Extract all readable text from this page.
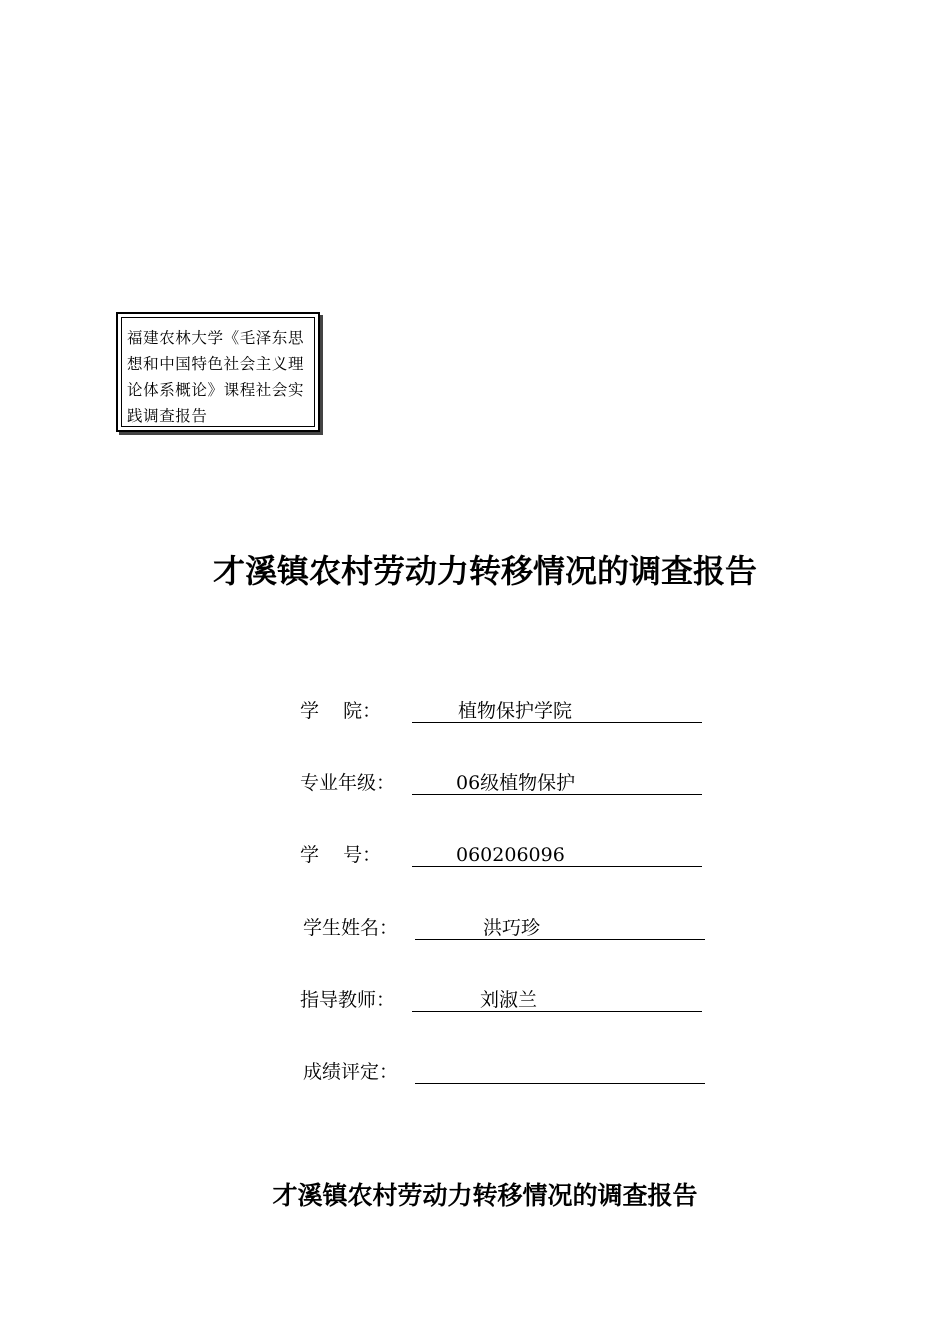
福建农林大学《毛泽东思想和中国特色社会主义理论体系概论》课程社会实践调查报告
才溪镇农村劳动力转移情况的调查报告
学    院：	植物保护学院
专业年级：	06级植物保护
学    号：	060206096
学生姓名：	洪巧珍
指导教师：	刘淑兰
成绩评定：
才溪镇农村劳动力转移情况的调查报告
